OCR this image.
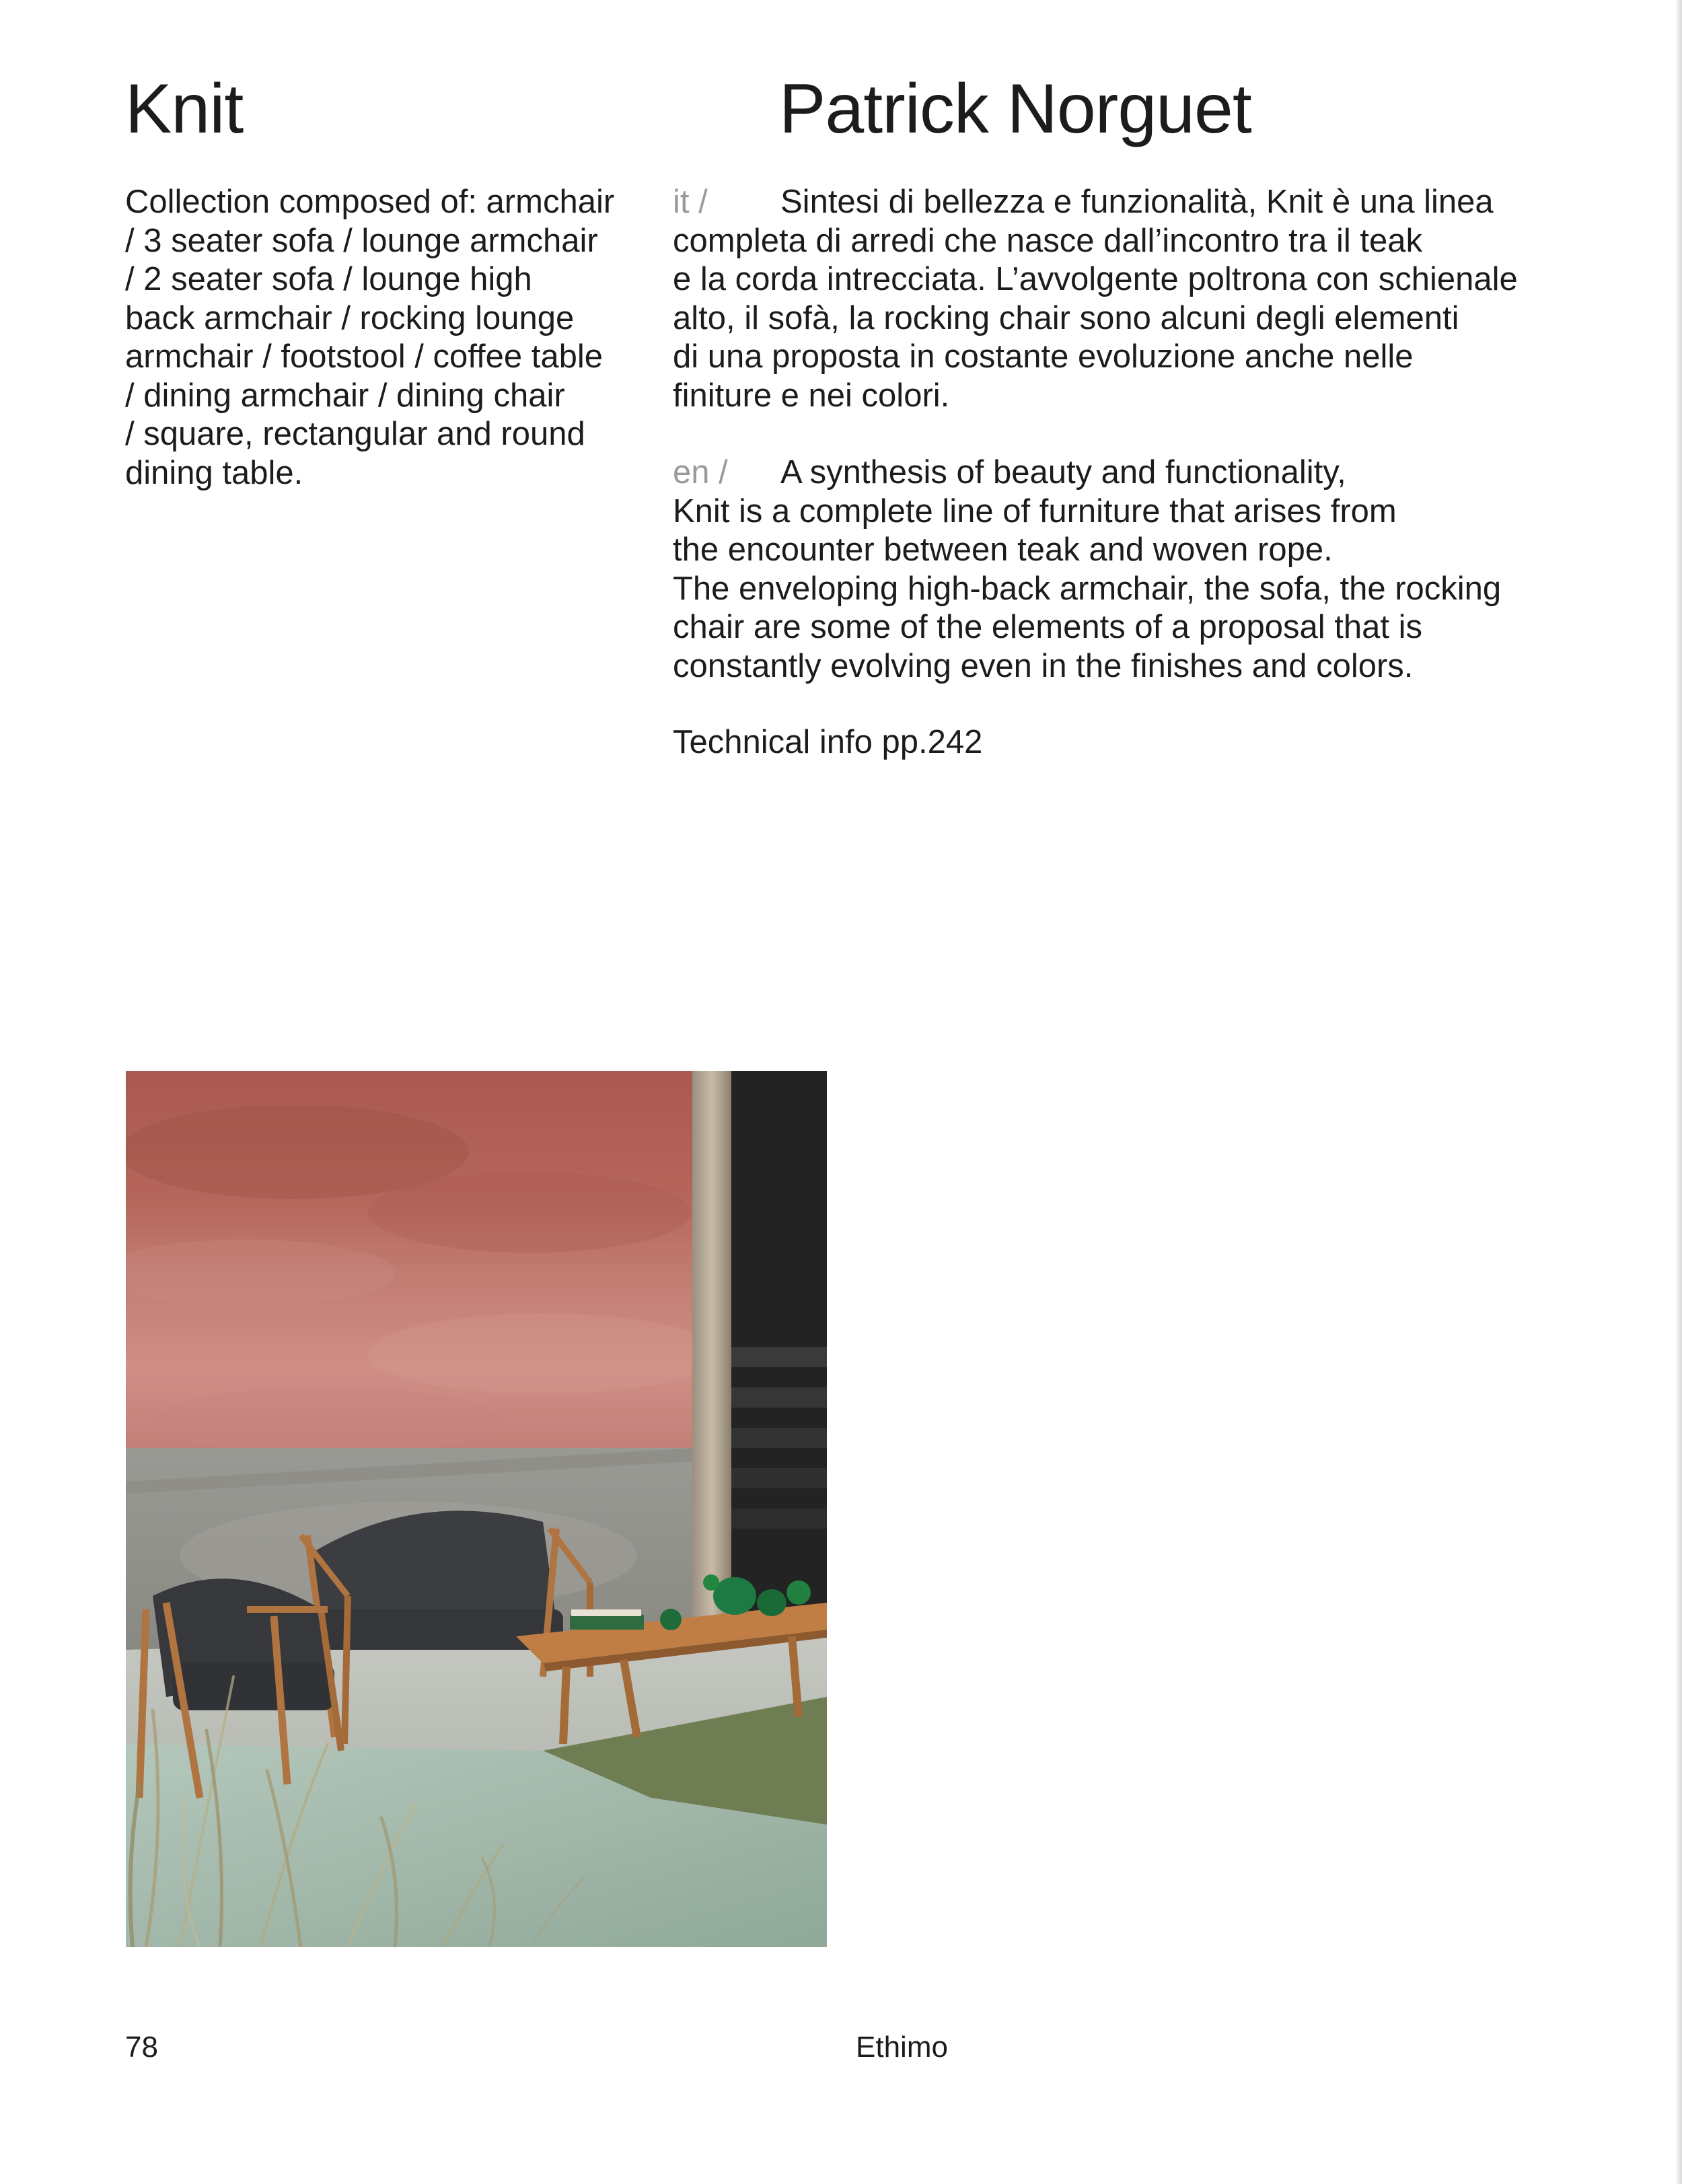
Knit	Patrick Norguet

Collection composed of: armchair
/ 3 seater sofa / lounge armchair
/ 2 seater sofa / lounge high
back armchair / rocking lounge
armchair / footstool / coffee table
/ dining armchair / dining chair
/ square, rectangular and round
dining table.

it / Sintesi di bellezza e funzionalità, Knit è una linea
completa di arredi che nasce dall’incontro tra il teak
e la corda intrecciata. L’avvolgente poltrona con schienale
alto, il sofà, la rocking chair sono alcuni degli elementi
di una proposta in costante evoluzione anche nelle
finiture e nei colori.

en / A synthesis of beauty and functionality,
Knit is a complete line of furniture that arises from
the encounter between teak and woven rope.
The enveloping high-back armchair, the sofa, the rocking
chair are some of the elements of a proposal that is
constantly evolving even in the finishes and colors.

Technical info pp.242

78	Ethimo
